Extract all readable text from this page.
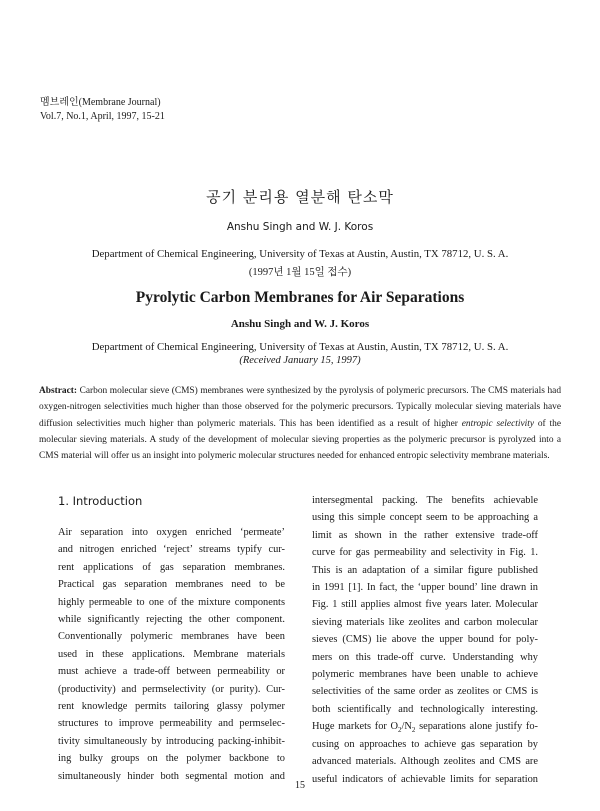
멤브레인(Membrane Journal)
Vol.7, No.1, April, 1997, 15-21
공기 분리용 열분해 탄소막
Anshu Singh and W. J. Koros
Department of Chemical Engineering, University of Texas at Austin, Austin, TX 78712, U. S. A.
(1997년 1월 15일 접수)
Pyrolytic Carbon Membranes for Air Separations
Anshu Singh and W. J. Koros
Department of Chemical Engineering, University of Texas at Austin, Austin, TX 78712, U. S. A.
(Received January 15, 1997)
Abstract: Carbon molecular sieve (CMS) membranes were synthesized by the pyrolysis of polymeric precursors. The CMS materials had oxygen-nitrogen selectivities much higher than those observed for the polymeric precursors. Typically molecular sieving materials have diffusion selectivities much higher than polymeric materials. This has been identified as a result of higher entropic selectivity of the molecular sieving materials. A study of the development of molecular sieving properties as the polymeric precursor is pyrolyzed into a CMS material will offer us an insight into polymeric molecular structures needed for enhanced entropic selectivity membrane materials.
1. Introduction
Air separation into oxygen enriched ‘permeate’
and nitrogen enriched ‘reject’ streams typify cur-
rent applications of gas separation membranes.
Practical gas separation membranes need to be
highly permeable to one of the mixture components
while significantly rejecting the other component.
Conventionally polymeric membranes have been
used in these applications. Membrane materials
must achieve a trade-off between permeability or
(productivity) and permselectivity (or purity). Cur-
rent knowledge permits tailoring glassy polymer
structures to improve permeability and permselec-
tivity simultaneously by introducing packing-inhibit-
ing bulky groups on the polymer backbone to
simultaneously hinder both segmental motion and
intersegmental packing. The benefits achievable
using this simple concept seem to be approaching a
limit as shown in the rather extensive trade-off
curve for gas permeability and selectivity in Fig. 1.
This is an adaptation of a similar figure published
in 1991 [1]. In fact, the ‘upper bound’ line drawn in
Fig. 1 still applies almost five years later. Molecular
sieving materials like zeolites and carbon molecular
sieves (CMS) lie above the upper bound for poly-
mers on this trade-off curve. Understanding why
polymeric membranes have been unable to achieve
selectivities of the same order as zeolites or CMS is
both scientifically and technologically interesting.
Huge markets for $O_2/N_2$ separations alone justify fo-
cusing on approaches to achieve gas separation by
advanced materials. Although zeolites and CMS are
useful indicators of achievable limits for separation
15
